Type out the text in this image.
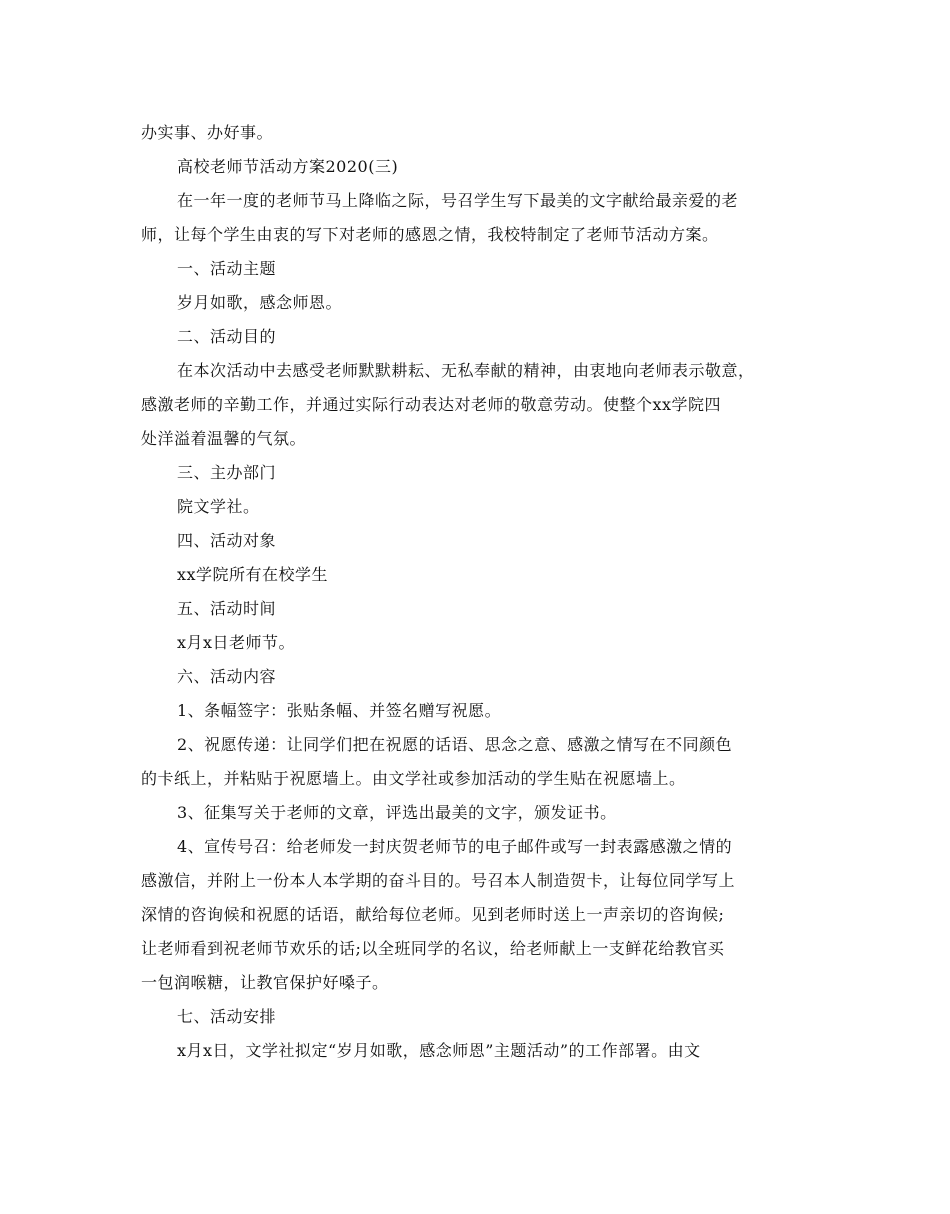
办实事、办好事。

高校老师节活动方案2020(三)

在一年一度的老师节马上降临之际，号召学生写下最美的文字献给最亲爱的老

师，让每个学生由衷的写下对老师的感恩之情，我校特制定了老师节活动方案。

一、活动主题

岁月如歌，感念师恩。

二、活动目的

在本次活动中去感受老师默默耕耘、无私奉献的精神，由衷地向老师表示敬意，

感激老师的辛勤工作，并通过实际行动表达对老师的敬意劳动。使整个xx学院四

处洋溢着温馨的气氛。

三、主办部门

院文学社。

四、活动对象

xx学院所有在校学生

五、活动时间

x月x日老师节。

六、活动内容

1、条幅签字：张贴条幅、并签名赠写祝愿。

2、祝愿传递：让同学们把在祝愿的话语、思念之意、感激之情写在不同颜色

的卡纸上，并粘贴于祝愿墙上。由文学社或参加活动的学生贴在祝愿墙上。

3、征集写关于老师的文章，评选出最美的文字，颁发证书。

4、宣传号召：给老师发一封庆贺老师节的电子邮件或写一封表露感激之情的

感激信，并附上一份本人本学期的奋斗目的。号召本人制造贺卡，让每位同学写上

深情的咨询候和祝愿的话语，献给每位老师。见到老师时送上一声亲切的咨询候;

让老师看到祝老师节欢乐的话;以全班同学的名议，给老师献上一支鲜花给教官买

一包润喉糖，让教官保护好嗓子。

七、活动安排

x月x日，文学社拟定“岁月如歌，感念师恩”主题活动”的工作部署。由文
